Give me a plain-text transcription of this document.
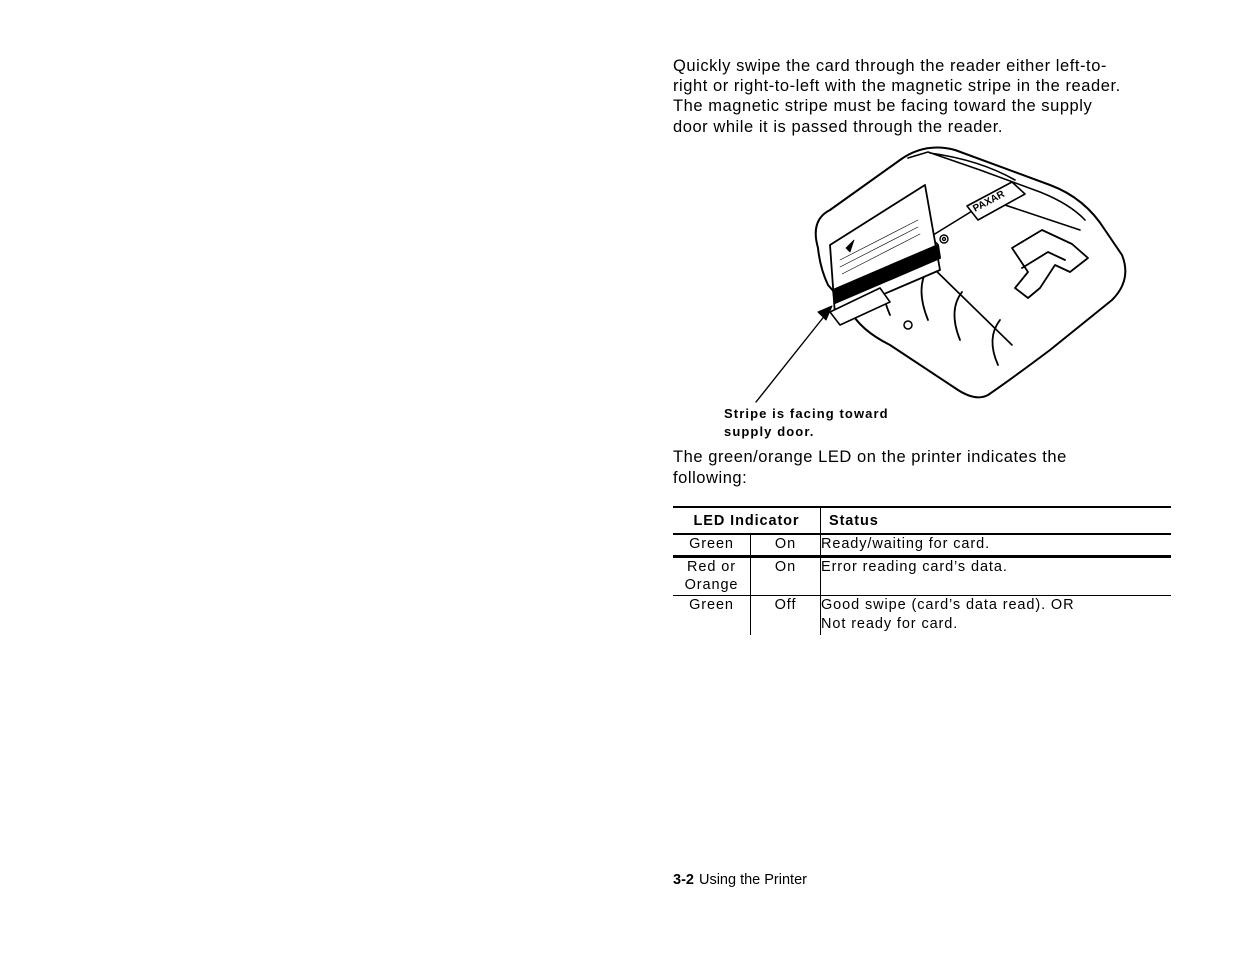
Quickly swipe the card through the reader either left-to-
right or right-to-left with the magnetic stripe in the reader.
The magnetic stripe must be facing toward the supply
door while it is passed through the reader.

PAXAR
Stripe is facing toward
supply door.

The green/orange LED on the printer indicates the
following:

LED Indicator		Status
Green	On	Ready/waiting for card.
Red or
Orange	On	Error reading card’s data.
Green	Off	Good swipe (card’s data read). OR
Not ready for card.
3-2 Using the Printer
